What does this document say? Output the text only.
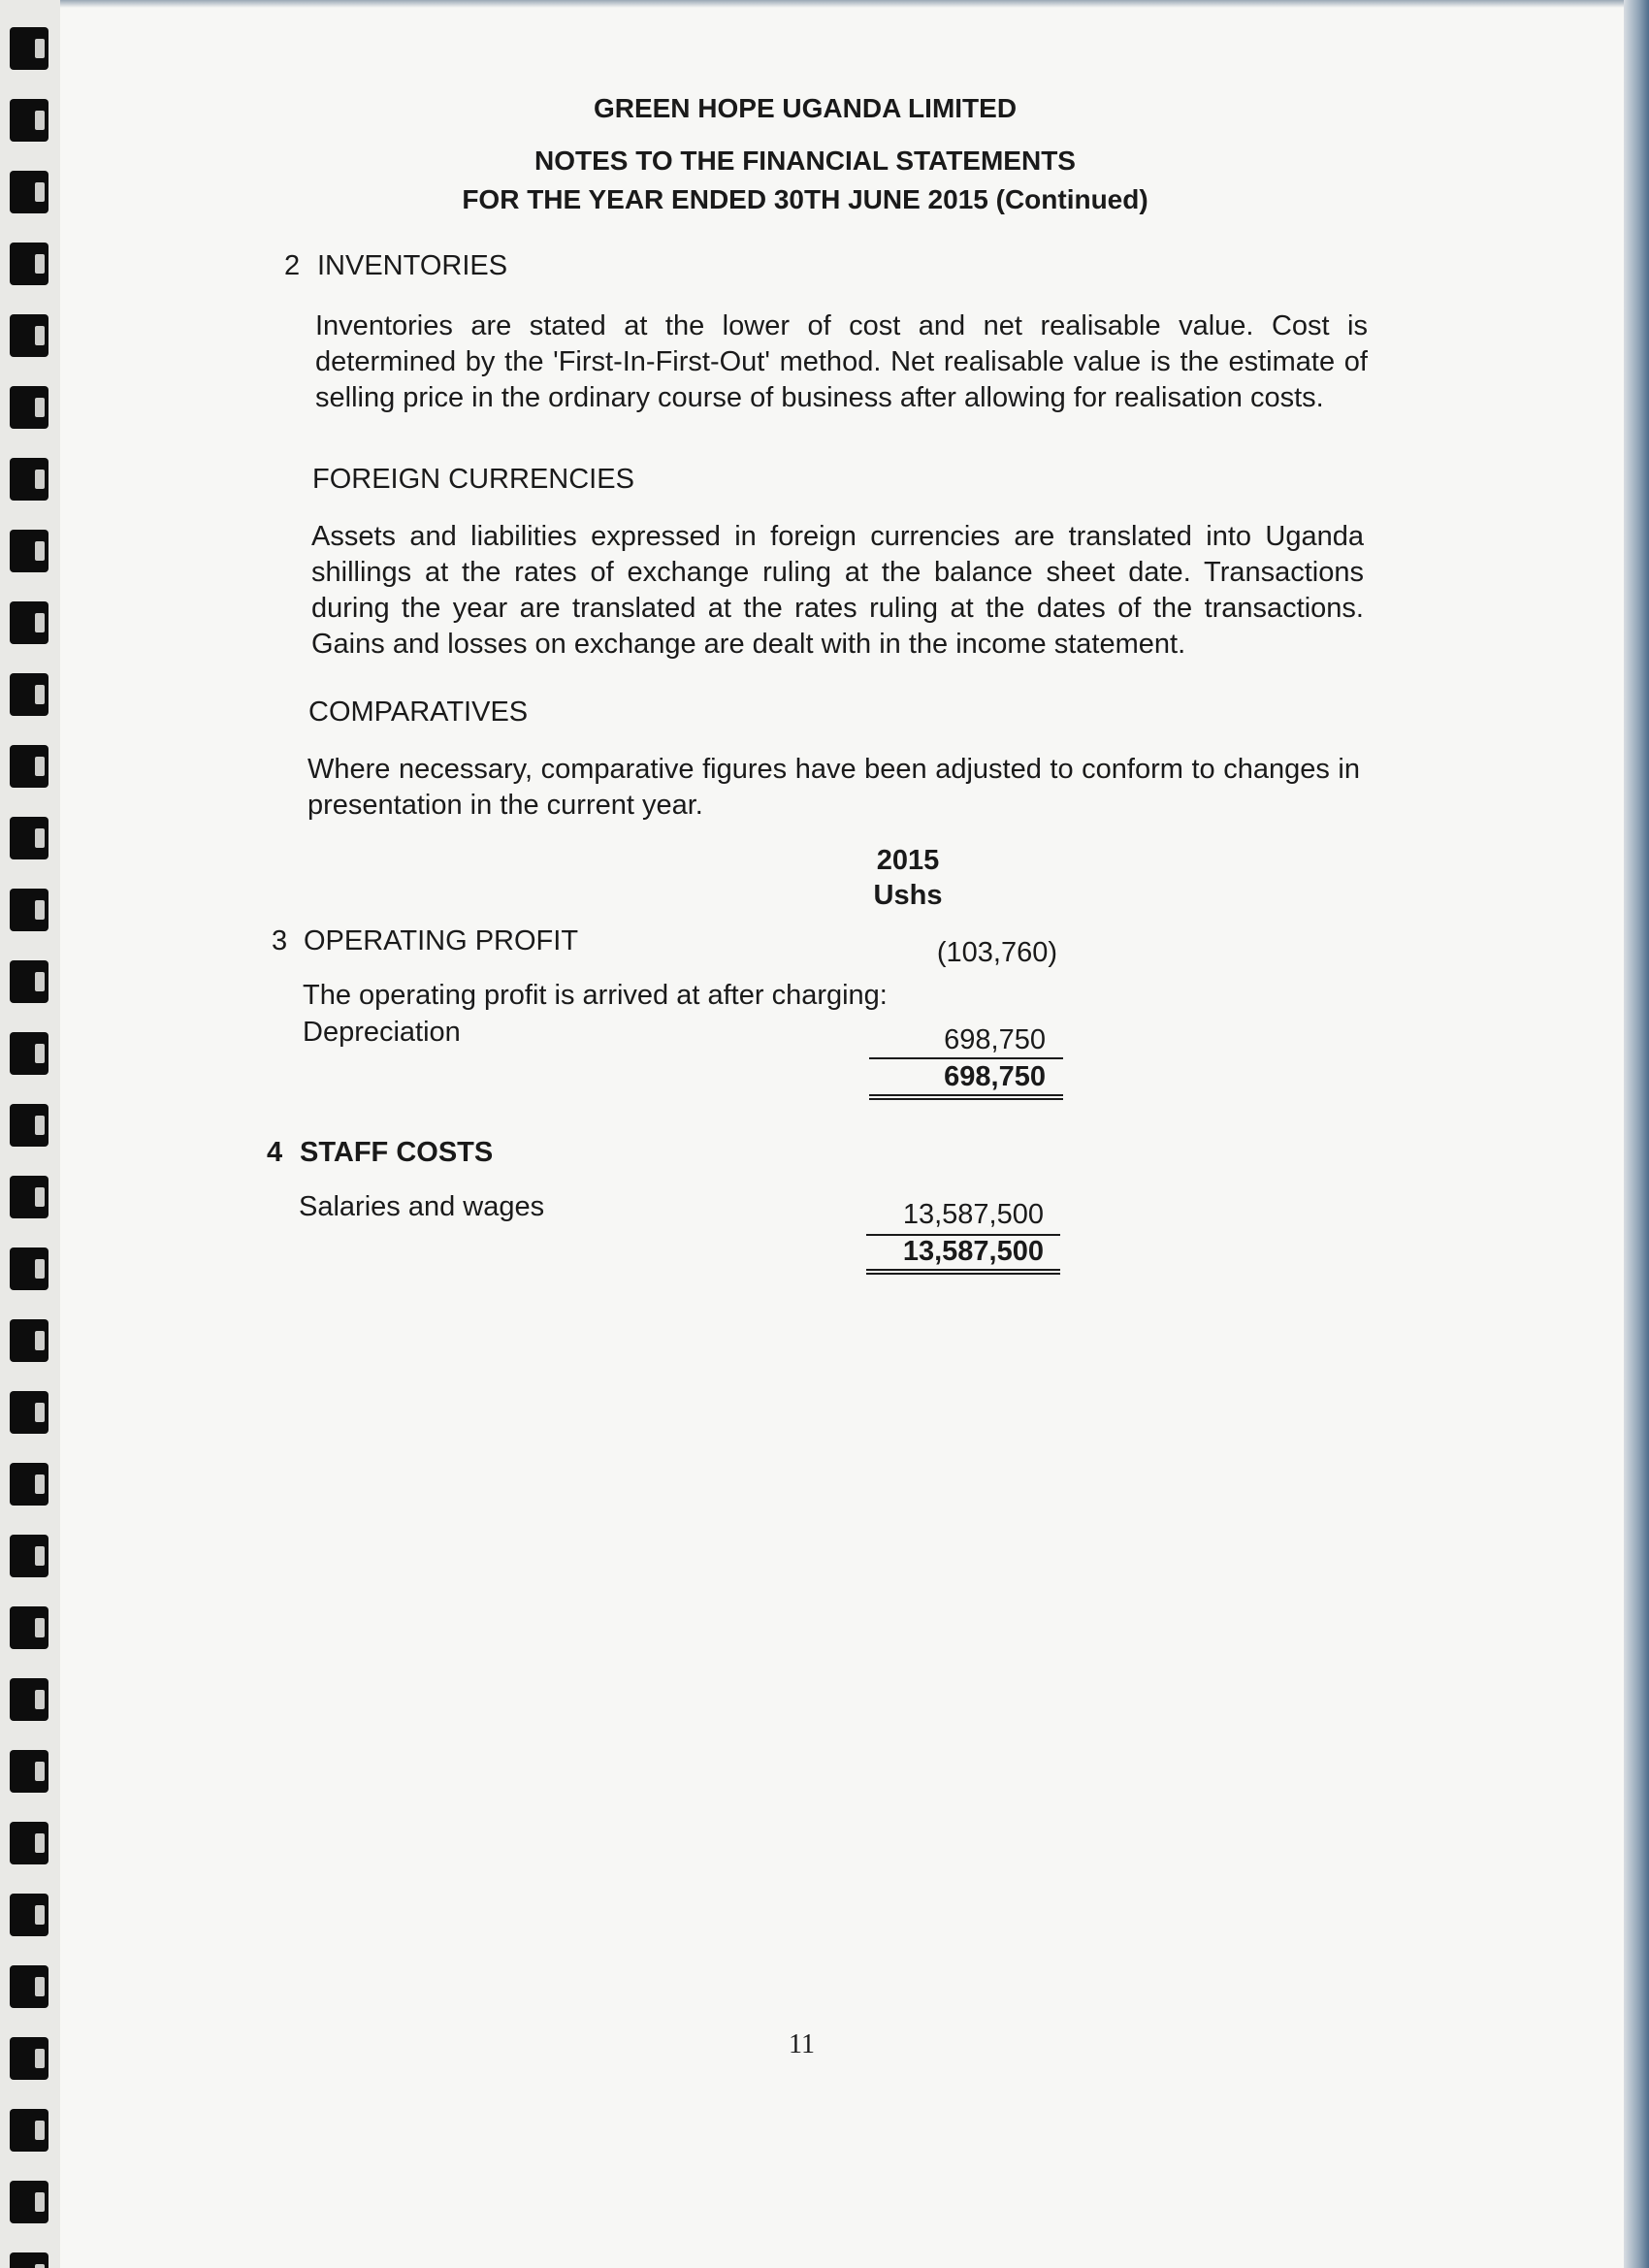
GREEN HOPE UGANDA LIMITED
NOTES TO THE FINANCIAL STATEMENTS
FOR THE YEAR ENDED 30TH JUNE 2015 (Continued)
2 INVENTORIES
Inventories are stated at the lower of cost and net realisable value. Cost is determined by the 'First-In-First-Out' method. Net realisable value is the estimate of selling price in the ordinary course of business after allowing for realisation costs.
FOREIGN CURRENCIES
Assets and liabilities expressed in foreign currencies are translated into Uganda shillings at the rates of exchange ruling at the balance sheet date. Transactions during the year are translated at the rates ruling at the dates of the transactions. Gains and losses on exchange are dealt with in the income statement.
COMPARATIVES
Where necessary, comparative figures have been adjusted to conform to changes in presentation in the current year.
2015
Ushs
3 OPERATING PROFIT	(103,760)
The operating profit is arrived at after charging:
Depreciation	698,750
698,750
4 STAFF COSTS
Salaries and wages	13,587,500
13,587,500
11
